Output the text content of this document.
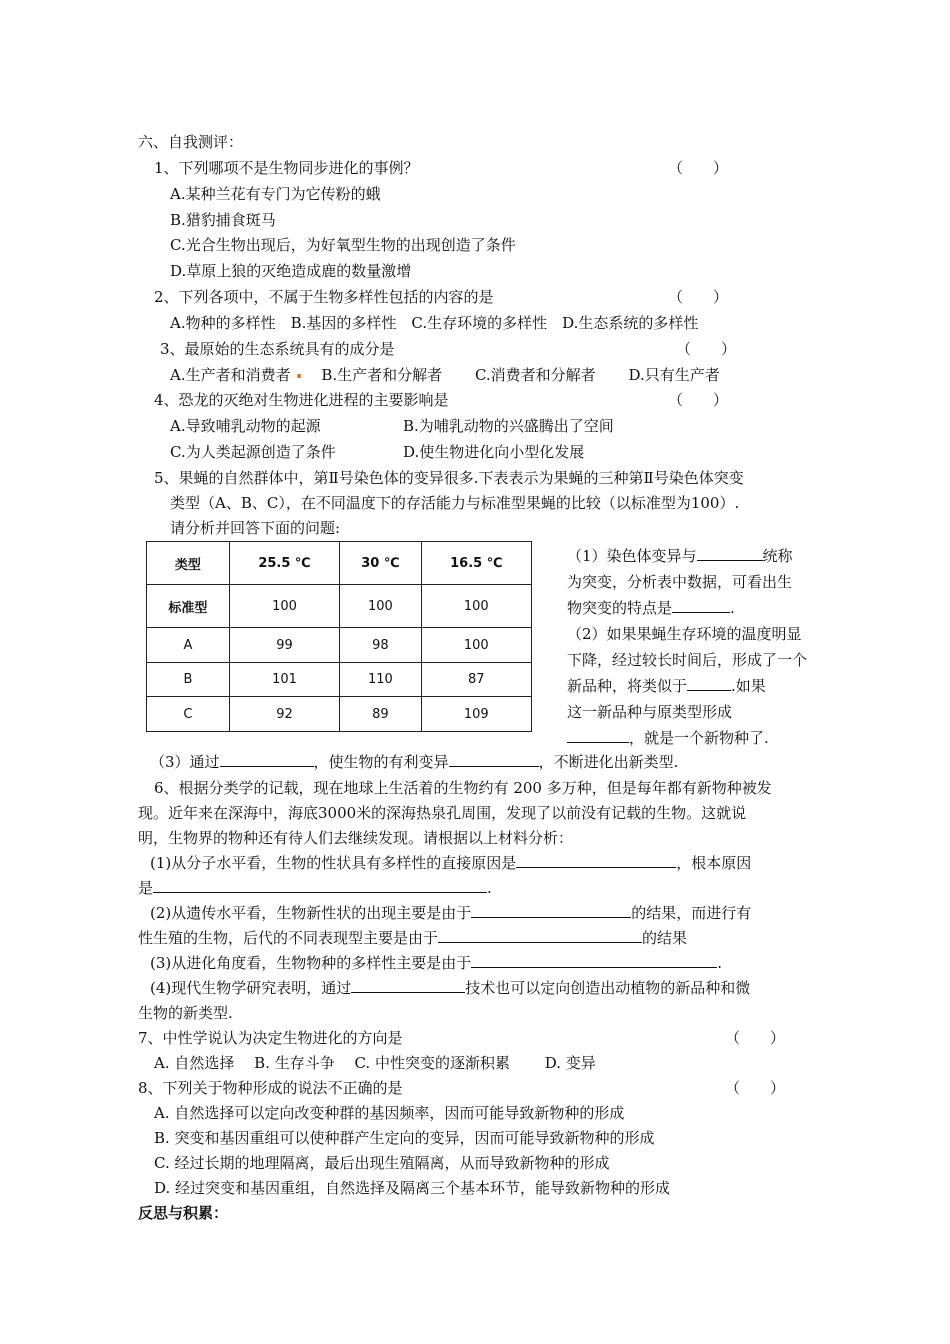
六、自我测评：
1、下列哪项不是生物同步进化的事例？	（　　）
A.某种兰花有专门为它传粉的蛾
B.猎豹捕食斑马
C.光合生物出现后，为好氧型生物的出现创造了条件
D.草原上狼的灭绝造成鹿的数量激增
2、下列各项中，不属于生物多样性包括的内容的是	（　　）
A.物种的多样性　B.基因的多样性　C.生存环境的多样性　D.生态系统的多样性
3、最原始的生态系统具有的成分是	（　　）
A.生产者和消费者 B.生产者和分解者 C.消费者和分解者 D.只有生产者
4、恐龙的灭绝对生物进化进程的主要影响是	（　　）
A.导致哺乳动物的起源	B.为哺乳动物的兴盛腾出了空间
C.为人类起源创造了条件	D.使生物进化向小型化发展
5、果蝇的自然群体中，第Ⅱ号染色体的变异很多.下表表示为果蝇的三种第Ⅱ号染色体突变
类型（A、B、C），在不同温度下的存活能力与标准型果蝇的比较（以标准型为100）.
请分析并回答下面的问题:
类型	25.5 ℃	30 ℃	16.5 ℃
标准型	100	100	100
A	99	98	100
B	101	110	87
C	92	89	109
（1）染色体变异与	统称
为突变，分析表中数据，可看出生
物突变的特点是	.
（2）如果果蝇生存环境的温度明显
下降，经过较长时间后，形成了一个
新品种，将类似于	.如果
这一新品种与原类型形成
，就是一个新物种了.
（3）通过	，使生物的有利变异	，不断进化出新类型.
6、根据分类学的记载，现在地球上生活着的生物约有 200 多万种，但是每年都有新物种被发
现。近年来在深海中，海底3000米的深海热泉孔周围，发现了以前没有记载的生物。这就说
明，生物界的物种还有待人们去继续发现。请根据以上材料分析：
(1)从分子水平看，生物的性状具有多样性的直接原因是	，根本原因
是	.
(2)从遗传水平看，生物新性状的出现主要是由于	的结果，而进行有
性生殖的生物，后代的不同表现型主要是由于	的结果
(3)从进化角度看，生物物种的多样性主要是由于	.
(4)现代生物学研究表明，通过	技术也可以定向创造出动植物的新品种和微
生物的新类型.
7、中性学说认为决定生物进化的方向是	（　　）
A. 自然选择　 B. 生存斗争　 C. 中性突变的逐渐积累　　 D. 变异
8、下列关于物种形成的说法不正确的是	（　　）
A. 自然选择可以定向改变种群的基因频率，因而可能导致新物种的形成
B. 突变和基因重组可以使种群产生定向的变异，因而可能导致新物种的形成
C. 经过长期的地理隔离，最后出现生殖隔离，从而导致新物种的形成
D. 经过突变和基因重组，自然选择及隔离三个基本环节，能导致新物种的形成
反思与积累：
